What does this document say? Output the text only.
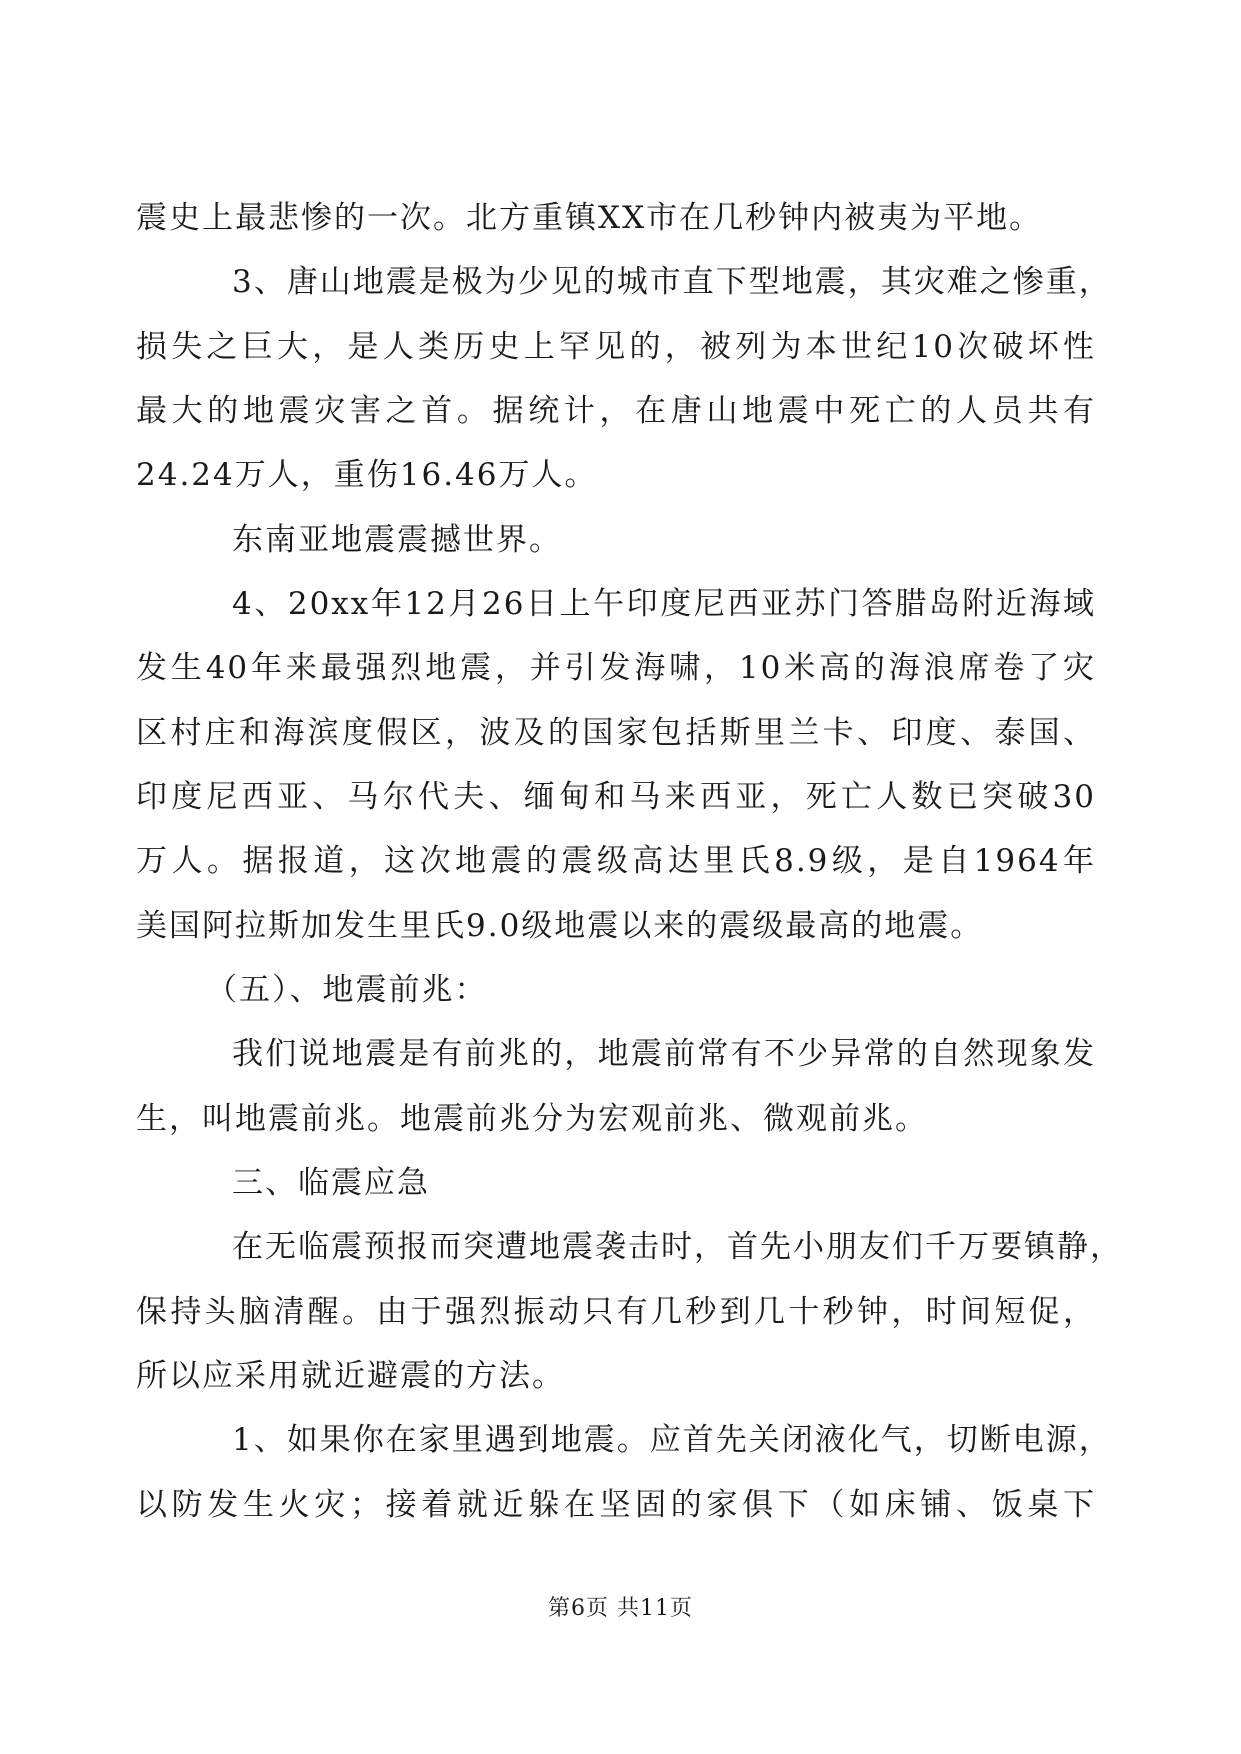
震史上最悲惨的一次。北方重镇XX市在几秒钟内被夷为平地。
3、唐山地震是极为少见的城市直下型地震，其灾难之惨重，
损失之巨大，是人类历史上罕见的，被列为本世纪10次破坏性
最大的地震灾害之首。据统计，在唐山地震中死亡的人员共有
24.24万人，重伤16.46万人。
东南亚地震震撼世界。
4、20xx年12月26日上午印度尼西亚苏门答腊岛附近海域
发生40年来最强烈地震，并引发海啸，10米高的海浪席卷了灾
区村庄和海滨度假区，波及的国家包括斯里兰卡、印度、泰国、
印度尼西亚、马尔代夫、缅甸和马来西亚，死亡人数已突破30
万人。据报道，这次地震的震级高达里氏8.9级，是自1964年
美国阿拉斯加发生里氏9.0级地震以来的震级最高的地震。
（五）、地震前兆：
我们说地震是有前兆的，地震前常有不少异常的自然现象发
生，叫地震前兆。地震前兆分为宏观前兆、微观前兆。
三、临震应急
在无临震预报而突遭地震袭击时，首先小朋友们千万要镇静，
保持头脑清醒。由于强烈振动只有几秒到几十秒钟，时间短促，
所以应采用就近避震的方法。
1、如果你在家里遇到地震。应首先关闭液化气，切断电源，
以防发生火灾；接着就近躲在坚固的家俱下（如床铺、饭桌下
第6页 共11页
